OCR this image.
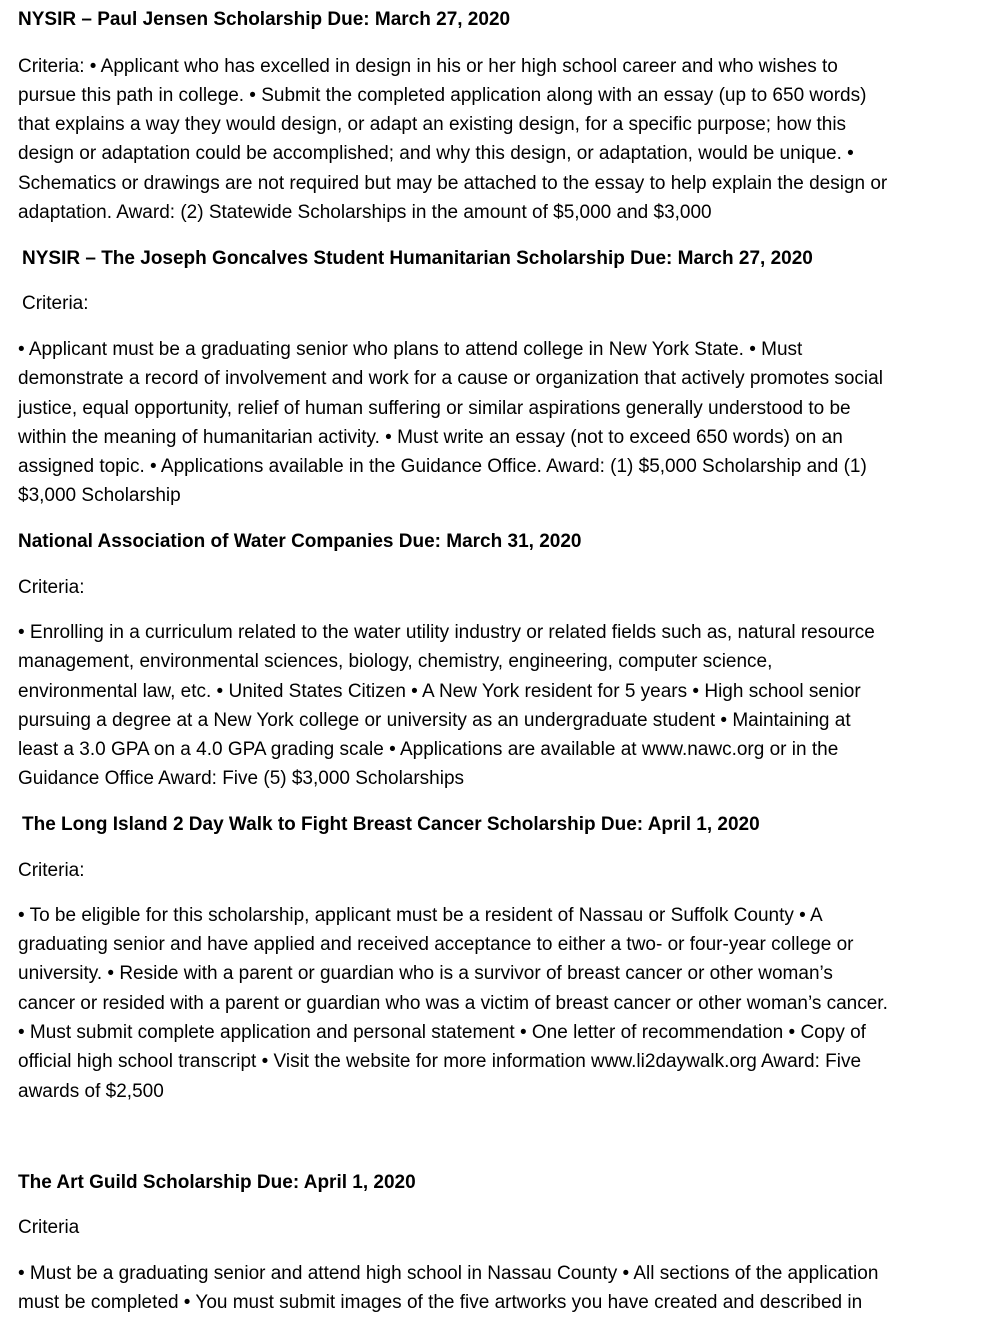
NYSIR – Paul Jensen Scholarship Due: March 27, 2020
Criteria: • Applicant who has excelled in design in his or her high school career and who wishes to
pursue this path in college. • Submit the completed application along with an essay (up to 650 words)
that explains a way they would design, or adapt an existing design, for a specific purpose; how this
design or adaptation could be accomplished; and why this design, or adaptation, would be unique. •
Schematics or drawings are not required but may be attached to the essay to help explain the design or
adaptation. Award: (2) Statewide Scholarships in the amount of $5,000 and $3,000
NYSIR – The Joseph Goncalves Student Humanitarian Scholarship Due: March 27, 2020
Criteria:
• Applicant must be a graduating senior who plans to attend college in New York State. • Must
demonstrate a record of involvement and work for a cause or organization that actively promotes social
justice, equal opportunity, relief of human suffering or similar aspirations generally understood to be
within the meaning of humanitarian activity. • Must write an essay (not to exceed 650 words) on an
assigned topic. • Applications available in the Guidance Office. Award: (1) $5,000 Scholarship and (1)
$3,000 Scholarship
National Association of Water Companies Due: March 31, 2020
Criteria:
• Enrolling in a curriculum related to the water utility industry or related fields such as, natural resource
management, environmental sciences, biology, chemistry, engineering, computer science,
environmental law, etc. • United States Citizen • A New York resident for 5 years • High school senior
pursuing a degree at a New York college or university as an undergraduate student • Maintaining at
least a 3.0 GPA on a 4.0 GPA grading scale • Applications are available at www.nawc.org or in the
Guidance Office Award: Five (5) $3,000 Scholarships
The Long Island 2 Day Walk to Fight Breast Cancer Scholarship Due: April 1, 2020
Criteria:
• To be eligible for this scholarship, applicant must be a resident of Nassau or Suffolk County • A
graduating senior and have applied and received acceptance to either a two- or four-year college or
university. • Reside with a parent or guardian who is a survivor of breast cancer or other woman’s
cancer or resided with a parent or guardian who was a victim of breast cancer or other woman’s cancer.
• Must submit complete application and personal statement • One letter of recommendation • Copy of
official high school transcript • Visit the website for more information www.li2daywalk.org Award: Five
awards of $2,500
The Art Guild Scholarship Due: April 1, 2020
Criteria
• Must be a graduating senior and attend high school in Nassau County • All sections of the application
must be completed • You must submit images of the five artworks you have created and described in
